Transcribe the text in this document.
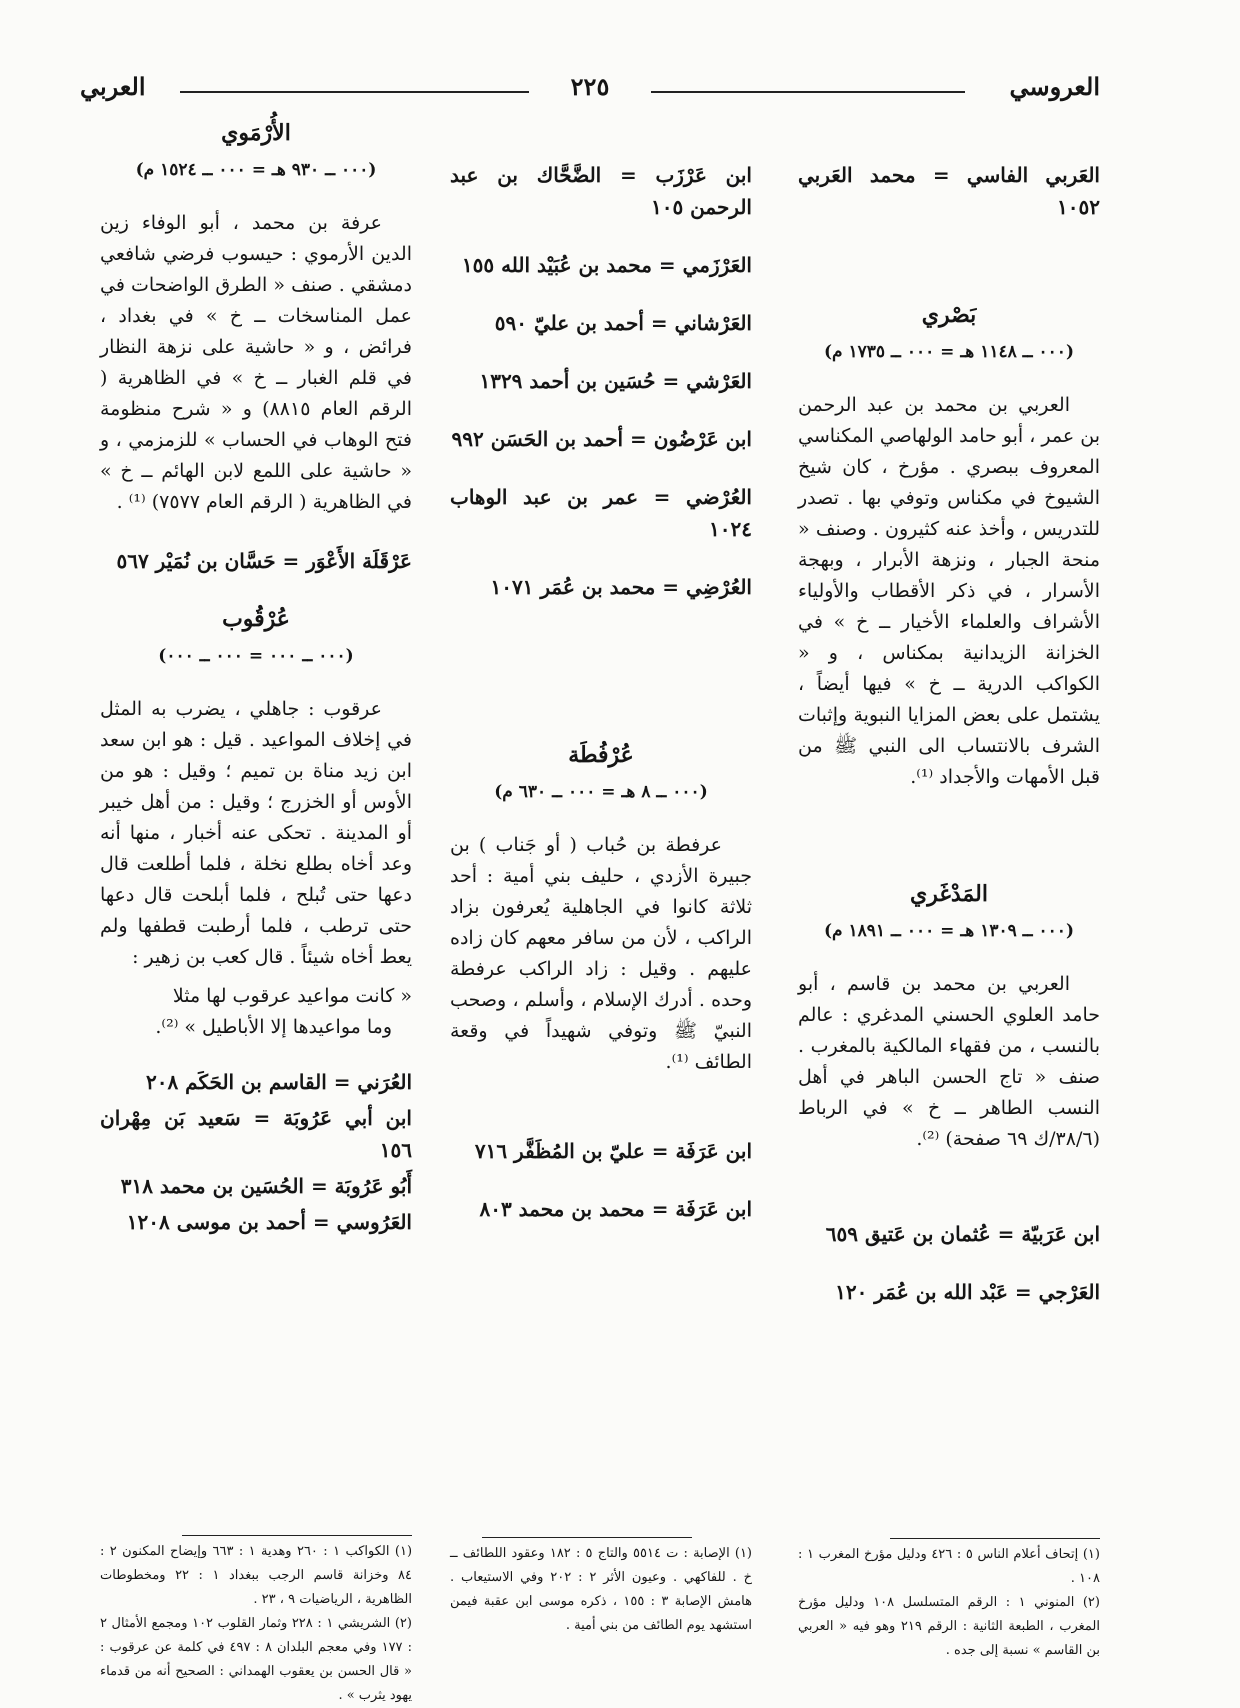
العربي	٢٢٥	العروسي

العَربي الفاسي = محمد العَربي ١٠٥٢

بَصْري
(٠٠٠ ــ ١١٤٨ هـ = ٠٠٠ ــ ١٧٣٥ م)

العربي بن محمد بن عبد الرحمن بن عمر ، أبو حامد الولهاصي المكناسي المعروف ببصري . مؤرخ ، كان شيخ الشيوخ في مكناس وتوفي بها . تصدر للتدريس ، وأخذ عنه كثيرون . وصنف « منحة الجبار ، ونزهة الأبرار ، وبهجة الأسرار ، في ذكر الأقطاب والأولياء الأشراف والعلماء الأخيار ــ خ » في الخزانة الزيدانية بمكناس ، و « الكواكب الدرية ــ خ » فيها أيضاً ، يشتمل على بعض المزايا النبوية وإثبات الشرف بالانتساب الى النبي ﷺ من قبل الأمهات والأجداد ⁽¹⁾.

المَدْغَري
(٠٠٠ ــ ١٣٠٩ هـ = ٠٠٠ ــ ١٨٩١ م)

العربي بن محمد بن قاسم ، أبو حامد العلوي الحسني المدغري : عالم بالنسب ، من فقهاء المالكية بالمغرب . صنف « تاج الحسن الباهر في أهل النسب الطاهر ــ خ » في الرباط (٣٨/٦/ك ٦٩ صفحة) ⁽²⁾.

ابن عَرَبيّة = عُثمان بن عَتيق ٦٥٩

العَرْجي = عَبْد الله بن عُمَر ١٢٠

ابن عَرْزَب = الضَّحَّاك بن عبد الرحمن ١٠٥

العَرْزَمي = محمد بن عُبَيْد الله ١٥٥

العَرْشاني = أحمد بن عليّ ٥٩٠

العَرْشي = حُسَين بن أحمد ١٣٢٩

ابن عَرْضُون = أحمد بن الحَسَن ٩٩٢

العُرْضي = عمر بن عبد الوهاب ١٠٢٤

العُرْضِي = محمد بن عُمَر ١٠٧١

عُرْفُطَة
(٠٠٠ ــ ٨ هـ = ٠٠٠ ــ ٦٣٠ م)

عرفطة بن حُباب ( أو جَناب ) بن جبيرة الأزدي ، حليف بني أمية : أحد ثلاثة كانوا في الجاهلية يُعرفون بزاد الراكب ، لأن من سافر معهم كان زاده عليهم . وقيل : زاد الراكب عرفطة وحده . أدرك الإسلام ، وأسلم ، وصحب النبيّ ﷺ وتوفي شهيداً في وقعة الطائف ⁽¹⁾.

ابن عَرَفَة = عليّ بن المُظَفَّر ٧١٦

ابن عَرَفَة = محمد بن محمد ٨٠٣

الأُرْمَوي
(٠٠٠ ــ ٩٣٠ هـ = ٠٠٠ ــ ١٥٢٤ م)

عرفة بن محمد ، أبو الوفاء زين الدين الأرموي : حيسوب فرضي شافعي دمشقي . صنف « الطرق الواضحات في عمل المناسخات ــ خ » في بغداد ، فرائض ، و « حاشية على نزهة النظار في قلم الغبار ــ خ » في الظاهرية ( الرقم العام ٨٨١٥) و « شرح منظومة فتح الوهاب في الحساب » للزمزمي ، و « حاشية على اللمع لابن الهائم ــ خ » في الظاهرية ( الرقم العام ٧٥٧٧) ⁽¹⁾ .

عَرْقَلَة الأَعْوَر = حَسَّان بن نُمَيْر ٥٦٧

عُرْقُوب
(٠٠٠ ــ ٠٠٠ = ٠٠٠ ــ ٠٠٠)

عرقوب : جاهلي ، يضرب به المثل في إخلاف المواعيد . قيل : هو ابن سعد ابن زيد مناة بن تميم ؛ وقيل : هو من الأوس أو الخزرج ؛ وقيل : من أهل خيبر أو المدينة . تحكى عنه أخبار ، منها أنه وعد أخاه بطلع نخلة ، فلما أطلعت قال دعها حتى تُبلح ، فلما أبلحت قال دعها حتى ترطب ، فلما أرطبت قطفها ولم يعط أخاه شيئاً . قال كعب بن زهير :

« كانت مواعيد عرقوب لها مثلا

وما مواعيدها إلا الأباطيل » ⁽²⁾.

العُرَني = القاسم بن الحَكَم ٢٠٨

ابن أبي عَرُوبَة = سَعيد بَن مِهْران ١٥٦

أَبُو عَرُوبَة = الحُسَين بن محمد ٣١٨

العَرُوسي = أحمد بن موسى ١٢٠٨

(١) إتحاف أعلام الناس ٥ : ٤٢٦ ودليل مؤرخ المغرب ١ : ١٠٨ .

(٢) المنوني ١ : الرقم المتسلسل ١٠٨ ودليل مؤرخ المغرب ، الطبعة الثانية : الرقم ٢١٩ وهو فيه « العربي بن القاسم » نسبة إلى جده .

(١) الإصابة : ت ٥٥١٤ والتاج ٥ : ١٨٢ وعقود اللطائف ــ خ . للفاكهي . وعيون الأثر ٢ : ٢٠٢ وفي الاستيعاب . هامش الإصابة ٣ : ١٥٥ ، ذكره موسى ابن عقبة فيمن استشهد يوم الطائف من بني أمية .

(١) الكواكب ١ : ٢٦٠ وهدية ١ : ٦٦٣ وإيضاح المكنون ٢ : ٨٤ وخزانة قاسم الرجب ببغداد ١ : ٢٢ ومخطوطات الظاهرية ، الرياضيات ٩ ، ٢٣ .

(٢) الشريشي ١ : ٢٢٨ وثمار القلوب ١٠٢ ومجمع الأمثال ٢ : ١٧٧ وفي معجم البلدان ٨ : ٤٩٧ في كلمة عن عرقوب : « قال الحسن بن يعقوب الهمداني : الصحيح أنه من قدماء يهود يثرب » .
